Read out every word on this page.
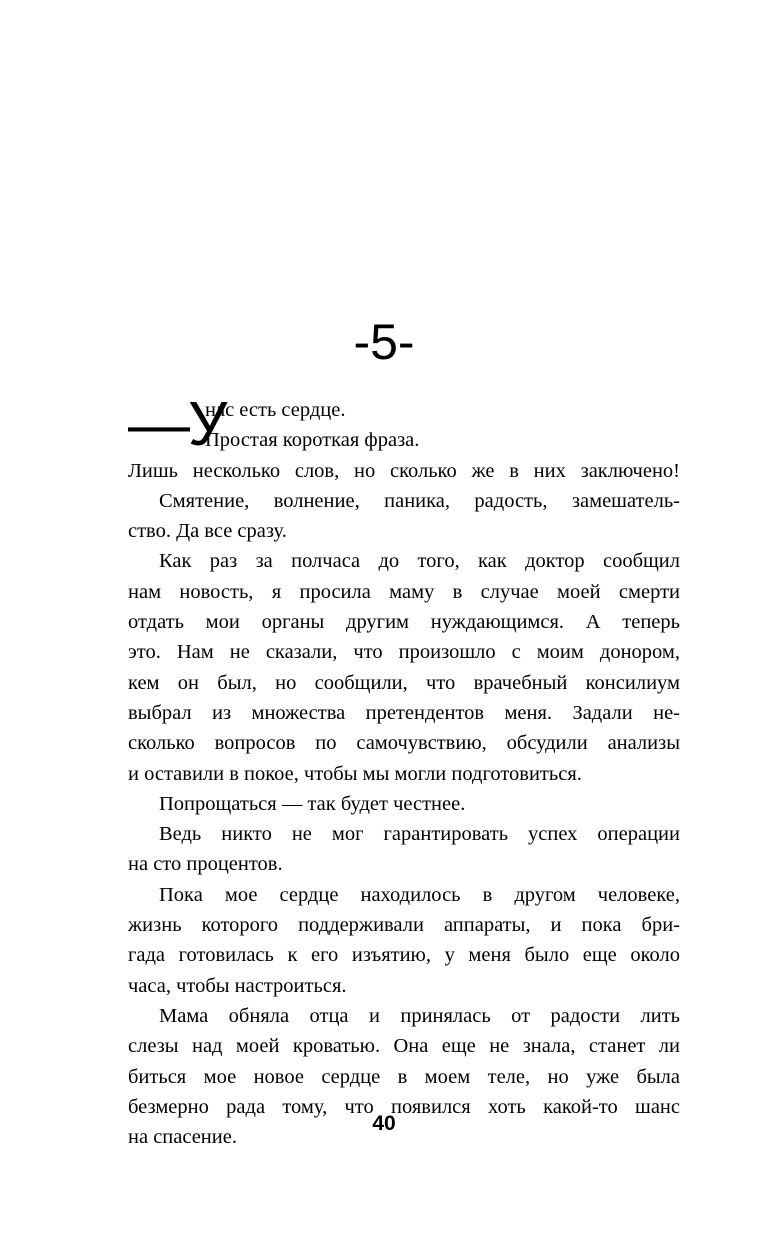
-5-
—У
нас есть сердце.
Простая короткая фраза.
Лишь несколько слов, но сколько же в них заключено!
Смятение, волнение, паника, радость, замешатель-
ство. Да все сразу.
Как раз за полчаса до того, как доктор сообщил
нам новость, я просила маму в случае моей смерти
отдать мои органы другим нуждающимся. А теперь
это. Нам не сказали, что произошло с моим донором,
кем он был, но сообщили, что врачебный консилиум
выбрал из множества претендентов меня. Задали не-
сколько вопросов по самочувствию, обсудили анализы
и оставили в покое, чтобы мы могли подготовиться.
Попрощаться — так будет честнее.
Ведь никто не мог гарантировать успех операции
на сто процентов.
Пока мое сердце находилось в другом человеке,
жизнь которого поддерживали аппараты, и пока бри-
гада готовилась к его изъятию, у меня было еще около
часа, чтобы настроиться.
Мама обняла отца и принялась от радости лить
слезы над моей кроватью. Она еще не знала, станет ли
биться мое новое сердце в моем теле, но уже была
безмерно рада тому, что появился хоть какой-то шанс
на спасение.
40
